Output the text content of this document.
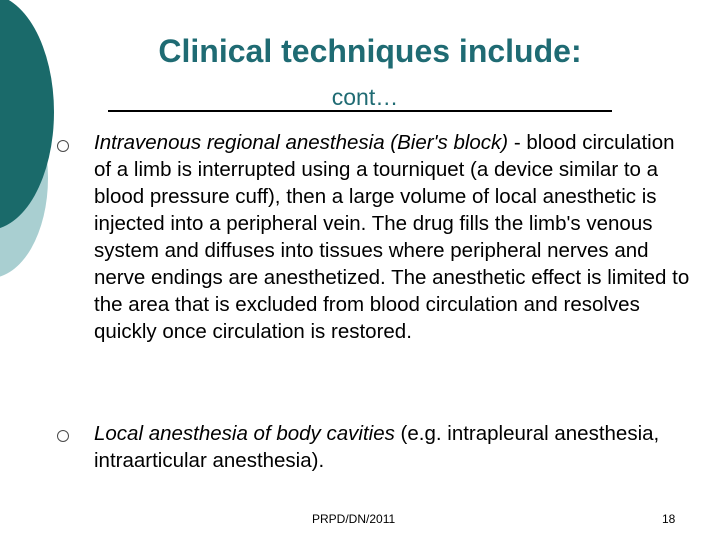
Clinical techniques include:
cont…
Intravenous regional anesthesia (Bier's block) - blood circulation of a limb is interrupted using a tourniquet (a device similar to a blood pressure cuff), then a large volume of local anesthetic is injected into a peripheral vein. The drug fills the limb's venous system and diffuses into tissues where peripheral nerves and nerve endings are anesthetized. The anesthetic effect is limited to the area that is excluded from blood circulation and resolves quickly once circulation is restored.
Local anesthesia of body cavities (e.g. intrapleural anesthesia, intraarticular anesthesia).
PRPD/DN/2011	18
